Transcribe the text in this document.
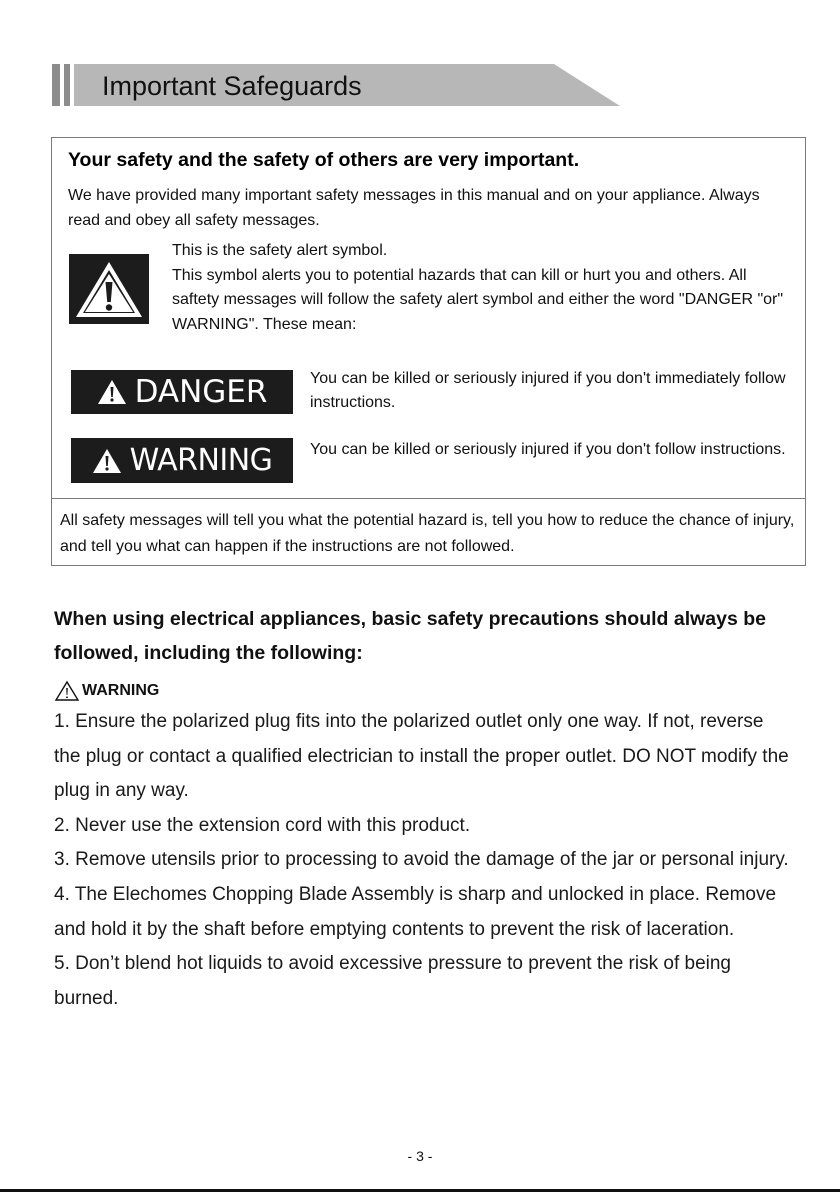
Important Safeguards
Your safety and the safety of others are very important.

We have provided many important safety messages in this manual and on your appliance. Always read and obey all safety messages.

This is the safety alert symbol.

This symbol alerts you to potential hazards that can kill or hurt you and others. All saftety messages will follow the safety alert symbol and either the word "DANGER "or" WARNING". These mean:

DANGER	You can be killed or seriously injured if you don't immediately follow instructions.

WARNING You can be killed or seriously injured if you don't follow instructions.

All safety messages will tell you what the potential hazard is, tell you how to reduce the chance of injury, and tell you what can happen if the instructions are not followed.

When using electrical appliances, basic safety precautions should always be followed, including the following:
WARNING
1. Ensure the polarized plug fits into the polarized outlet only one way. If not, reverse the plug or contact a qualified electrician to install the proper outlet. DO NOT modify the plug in any way.
2. Never use the extension cord with this product.
3. Remove utensils prior to processing to avoid the damage of the jar or personal injury.
4. The Elechomes Chopping Blade Assembly is sharp and unlocked in place. Remove and hold it by the shaft before emptying contents to prevent the risk of laceration.
5. Don’t blend hot liquids to avoid excessive pressure to prevent the risk of being burned.

- 3 -
